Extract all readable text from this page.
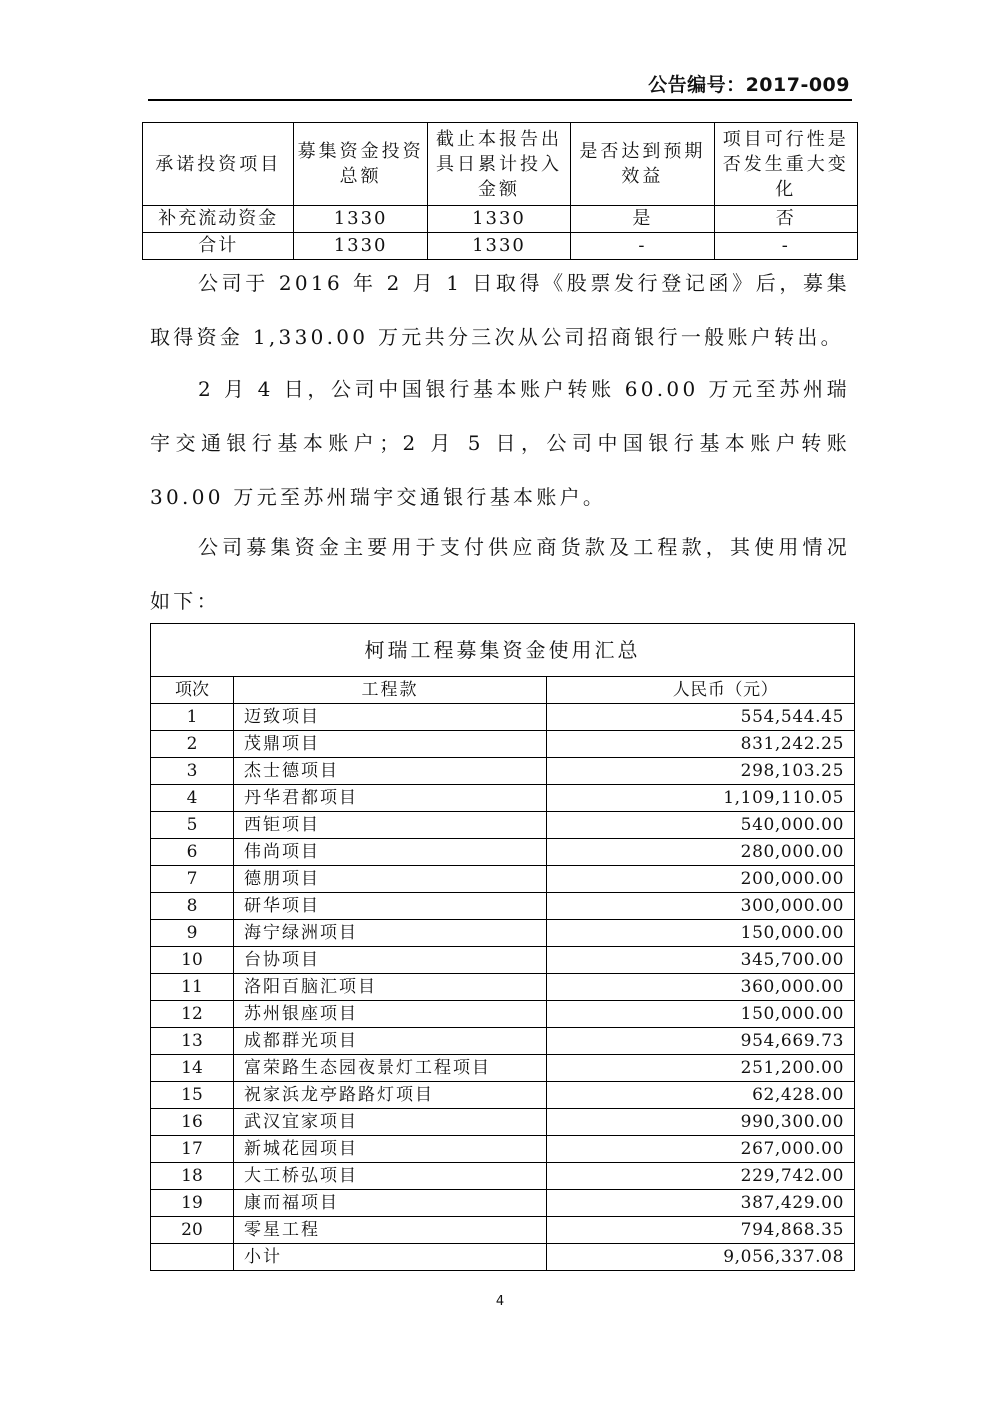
公告编号：2017-009
承诺投资项目	募集资金投资总额	截止本报告出具日累计投入金额	是否达到预期效益	项目可行性是否发生重大变化
补充流动资金	1330	1330	是	否
合计	1330	1330	-	-

公司于 2016 年 2 月 1 日取得《股票发行登记函》后，募集取得资金 1,330.00 万元共分三次从公司招商银行一般账户转出。

2 月 4 日，公司中国银行基本账户转账 60.00 万元至苏州瑞宇交通银行基本账户；2 月 5 日，公司中国银行基本账户转账 30.00 万元至苏州瑞宇交通银行基本账户。

公司募集资金主要用于支付供应商货款及工程款，其使用情况如下：

柯瑞工程募集资金使用汇总		
项次	工程款	人民币（元）
1	迈致项目	554,544.45
2	茂鼎项目	831,242.25
3	杰士德项目	298,103.25
4	丹华君都项目	1,109,110.05
5	西钜项目	540,000.00
6	伟尚项目	280,000.00
7	德朋项目	200,000.00
8	研华项目	300,000.00
9	海宁绿洲项目	150,000.00
10	台协项目	345,700.00
11	洛阳百脑汇项目	360,000.00
12	苏州银座项目	150,000.00
13	成都群光项目	954,669.73
14	富荣路生态园夜景灯工程项目	251,200.00
15	祝家浜龙亭路路灯项目	62,428.00
16	武汉宜家项目	990,300.00
17	新城花园项目	267,000.00
18	大工桥弘项目	229,742.00
19	康而福项目	387,429.00
20	零星工程	794,868.35
	小计	9,056,337.08
4
